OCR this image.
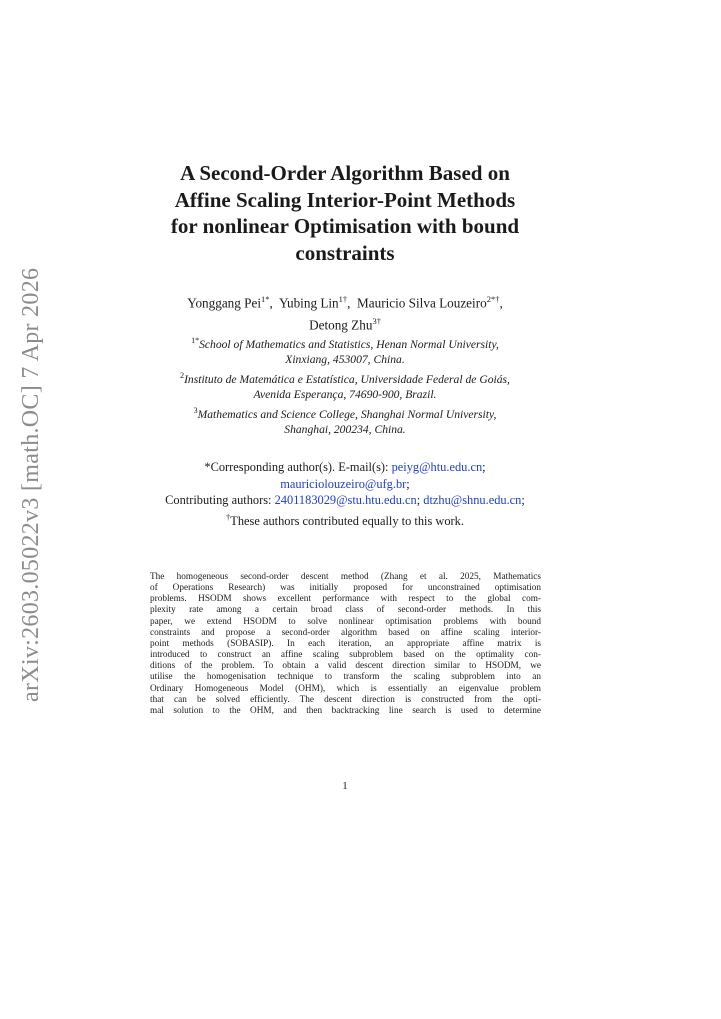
arXiv:2603.05022v3 [math.OC] 7 Apr 2026
A Second-Order Algorithm Based on
Affine Scaling Interior-Point Methods
for nonlinear Optimisation with bound
constraints
Yonggang Pei$^{1*}$,  Yubing Lin$^{1\dagger}$,  Mauricio Silva Louzeiro$^{2*\dagger}$,
Detong Zhu$^{3\dagger}$
$^{1*}$School of Mathematics and Statistics, Henan Normal University,
Xinxiang, 453007, China.
$^2$Instituto de Matemática e Estatística, Universidade Federal de Goiás,
Avenida Esperança, 74690-900, Brazil.
$^3$Mathematics and Science College, Shanghai Normal University,
Shanghai, 200234, China.
*Corresponding author(s). E-mail(s): peiyg@htu.edu.cn;
mauriciolouzeiro@ufg.br;
Contributing authors: 2401183029@stu.htu.edu.cn; dtzhu@shnu.edu.cn;
†These authors contributed equally to this work.
The homogeneous second-order descent method (Zhang et al. 2025, Mathematics
of Operations Research) was initially proposed for unconstrained optimisation
problems. HSODM shows excellent performance with respect to the global com-
plexity rate among a certain broad class of second-order methods. In this
paper, we extend HSODM to solve nonlinear optimisation problems with bound
constraints and propose a second-order algorithm based on affine scaling interior-
point methods (SOBASIP). In each iteration, an appropriate affine matrix is
introduced to construct an affine scaling subproblem based on the optimality con-
ditions of the problem. To obtain a valid descent direction similar to HSODM, we
utilise the homogenisation technique to transform the scaling subproblem into an
Ordinary Homogeneous Model (OHM), which is essentially an eigenvalue problem
that can be solved efficiently. The descent direction is constructed from the opti-
mal solution to the OHM, and then backtracking line search is used to determine
1
